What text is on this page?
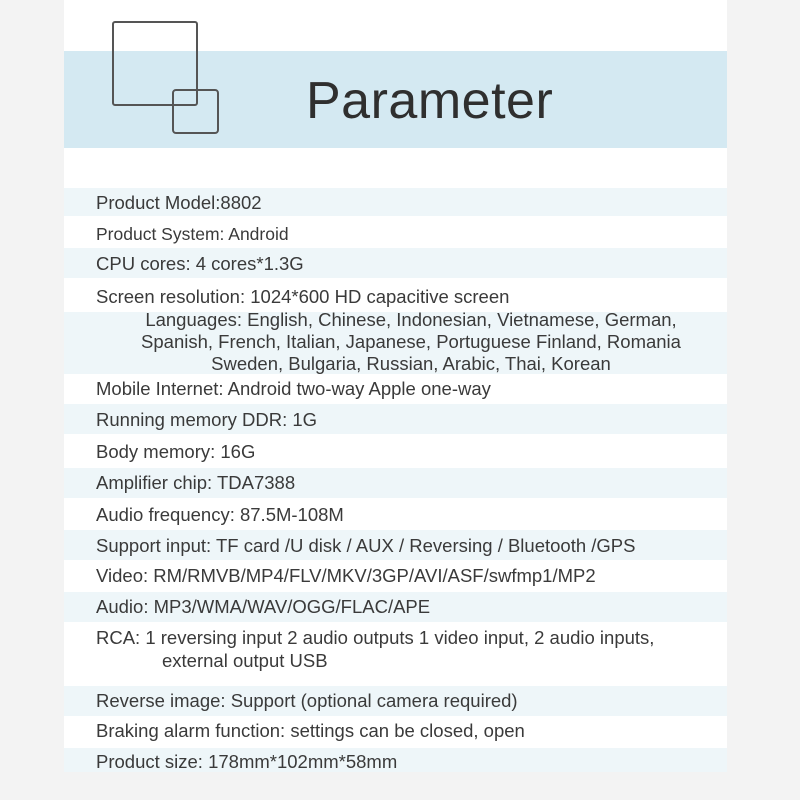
Parameter
Product Model:8802
Product System: Android
CPU cores: 4 cores*1.3G
Screen resolution: 1024*600 HD capacitive screen
Languages: English, Chinese, Indonesian, Vietnamese, German,
Spanish, French, Italian, Japanese, Portuguese Finland, Romania
Sweden, Bulgaria, Russian, Arabic, Thai, Korean
Mobile Internet: Android two-way Apple one-way
Running memory DDR: 1G
Body memory: 16G
Amplifier chip: TDA7388
Audio frequency: 87.5M-108M
Support input: TF card /U disk / AUX / Reversing / Bluetooth /GPS
Video: RM/RMVB/MP4/FLV/MKV/3GP/AVI/ASF/swfmp1/MP2
Audio: MP3/WMA/WAV/OGG/FLAC/APE
RCA: 1 reversing input 2 audio outputs 1 video input, 2 audio inputs,
external output USB
Reverse image: Support (optional camera required)
Braking alarm function: settings can be closed, open
Product size: 178mm*102mm*58mm
